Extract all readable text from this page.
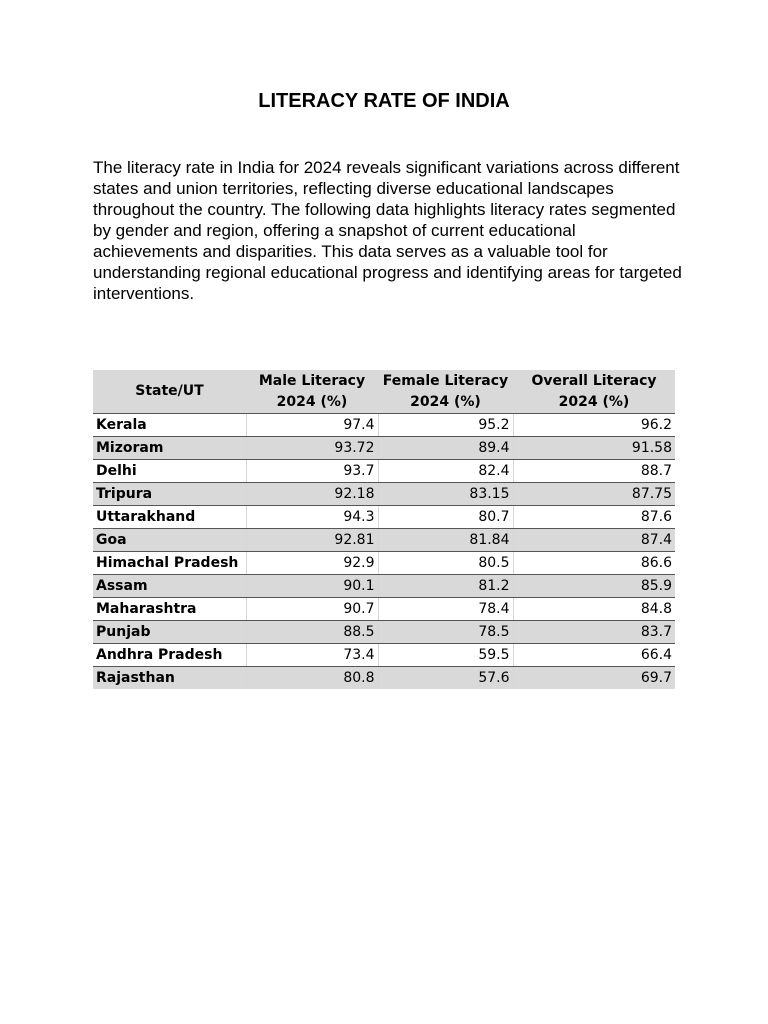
LITERACY RATE OF INDIA

The literacy rate in India for 2024 reveals significant variations across different states and union territories, reflecting diverse educational landscapes throughout the country. The following data highlights literacy rates segmented by gender and region, offering a snapshot of current educational achievements and disparities. This data serves as a valuable tool for understanding regional educational progress and identifying areas for targeted interventions.

State/UT	Male Literacy 2024 (%)	Female Literacy 2024 (%)	Overall Literacy 2024 (%)
Kerala	97.4	95.2	96.2
Mizoram	93.72	89.4	91.58
Delhi	93.7	82.4	88.7
Tripura	92.18	83.15	87.75
Uttarakhand	94.3	80.7	87.6
Goa	92.81	81.84	87.4
Himachal Pradesh	92.9	80.5	86.6
Assam	90.1	81.2	85.9
Maharashtra	90.7	78.4	84.8
Punjab	88.5	78.5	83.7
Andhra Pradesh	73.4	59.5	66.4
Rajasthan	80.8	57.6	69.7
